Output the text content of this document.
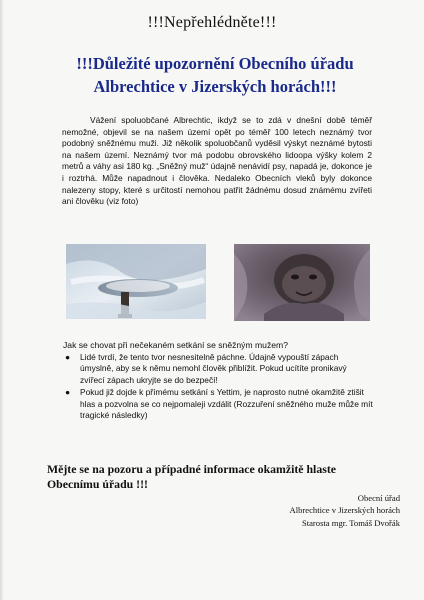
!!!Nepřehlédněte!!!
!!!Důležité upozornění Obecního úřadu
Albrechtice v Jizerských horách!!!
Vážení spoluobčané Albrechtic, ikdyž se to zdá v dnešní době téměř nemožné, objevil se na našem území opět po téměř 100 letech neznámý tvor podobný sněžnému muži. Již několik spoluobčanů vyděsil výskyt neznámé bytosti na našem území. Neznámý tvor má podobu obrovského lidoopa výšky kolem 2 metrů a váhy asi 180 kg. „Sněžný muž“ údajně nenávidí psy, napadá je, dokonce je i roztrhá. Může napadnout i člověka. Nedaleko Obecních vleků byly dokonce nalezeny stopy, které s určitostí nemohou patřit žádnému dosud známému zvířeti ani člověku (viz foto)
Jak se chovat při nečekaném setkání se sněžným mužem?
● Lidé tvrdí, že tento tvor nesnesitelně páchne. Údajně vypouští zápach úmyslně, aby se k němu nemohl člověk přiblížit. Pokud ucítíte pronikavý zvířecí zápach ukryjte se do bezpečí!
● Pokud již dojde k přímému setkání s Yettim, je naprosto nutné okamžitě ztišit hlas a pozvolna se co nejpomaleji vzdálit (Rozzuření sněžného muže může mít tragické následky)
Mějte se na pozoru a případné informace okamžitě hlaste Obecnímu úřadu !!!
Obecní úřad
Albrechtice v Jizerských horách
Starosta mgr. Tomáš Dvořák
